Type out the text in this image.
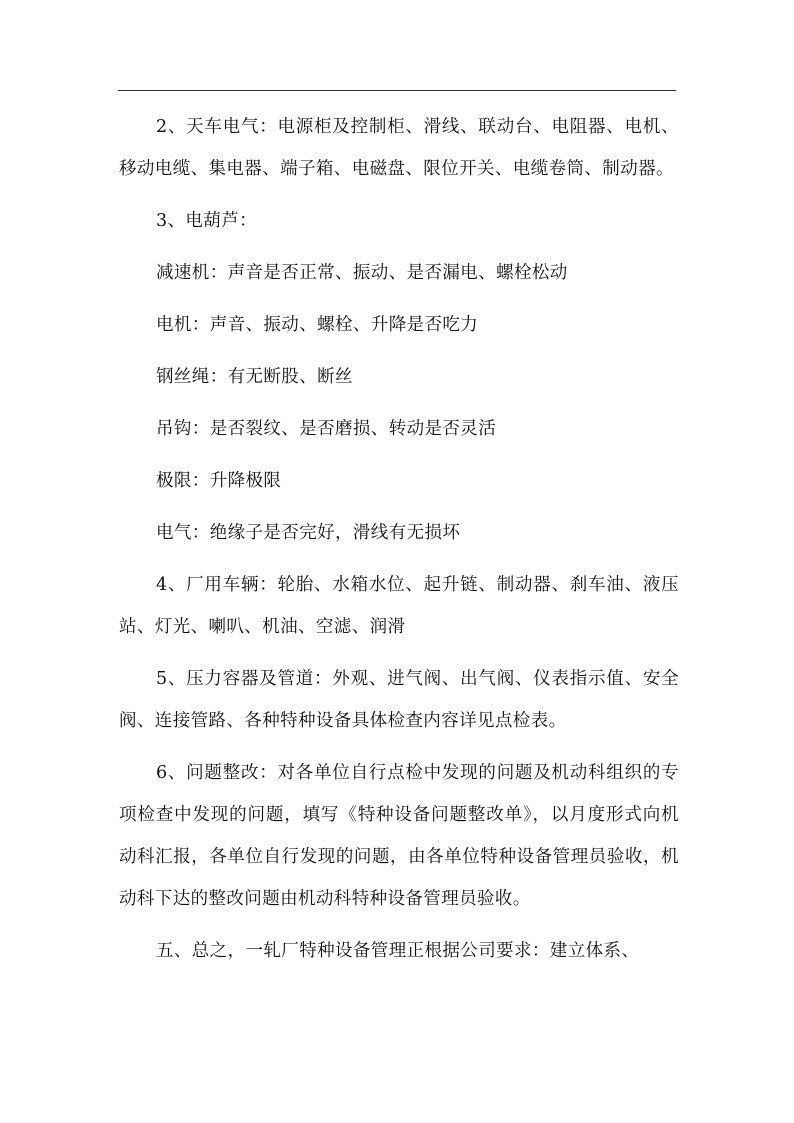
2、天车电气：电源柜及控制柜、滑线、联动台、电阻器、电机、移动电缆、集电器、端子箱、电磁盘、限位开关、电缆卷筒、制动器。

3、电葫芦：

减速机：声音是否正常、振动、是否漏电、螺栓松动

电机：声音、振动、螺栓、升降是否吃力

钢丝绳：有无断股、断丝

吊钩：是否裂纹、是否磨损、转动是否灵活

极限：升降极限

电气：绝缘子是否完好，滑线有无损坏

4、厂用车辆：轮胎、水箱水位、起升链、制动器、刹车油、液压站、灯光、喇叭、机油、空滤、润滑

5、压力容器及管道：外观、进气阀、出气阀、仪表指示值、安全阀、连接管路、各种特种设备具体检查内容详见点检表。

6、问题整改：对各单位自行点检中发现的问题及机动科组织的专项检查中发现的问题，填写《特种设备问题整改单》，以月度形式向机动科汇报，各单位自行发现的问题，由各单位特种设备管理员验收，机动科下达的整改问题由机动科特种设备管理员验收。

五、总之，一轧厂特种设备管理正根据公司要求：建立体系、
